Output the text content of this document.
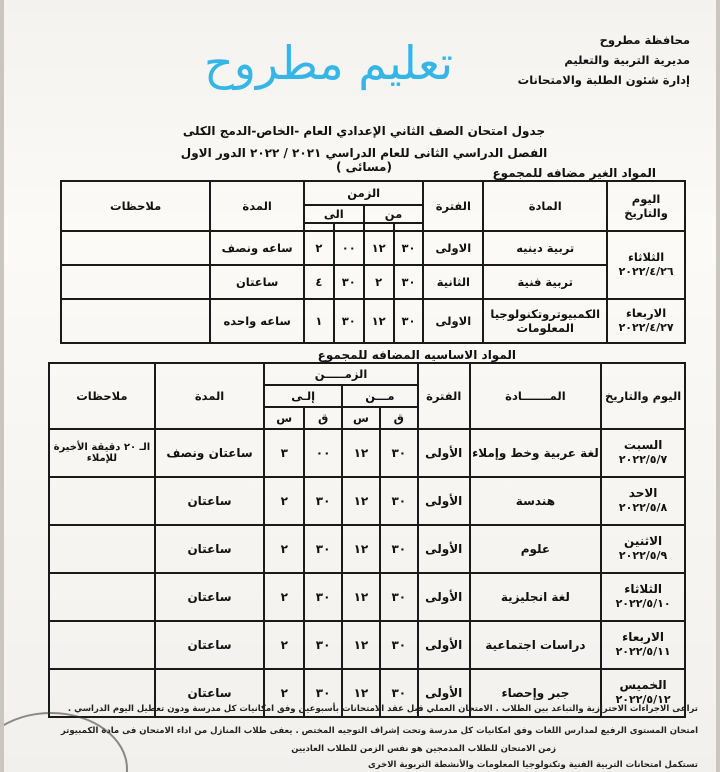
محافظة مطروح
مديرية التربية والتعليم
إدارة شئون الطلبة والامتحانات
تعليم مطروح
جدول امتحان الصف الثاني الإعدادي العام -الخاص-الدمج الكلى
الفصل الدراسي الثانى للعام الدراسي ٢٠٢١ / ٢٠٢٢ الدور الاول (مسائى )	المواد الغير مضافه للمجموع
اليوم والتاريخ	المادة	الفترة	الزمن				المدة	ملاحظات
			من		الى			

الثلاثاء
٢٠٢٢/٤/٢٦	تربية دينيه	الاولى	٣٠	١٢	٠٠	٢	ساعه ونصف	
	تربية فنية	الثانية	٣٠	٢	٣٠	٤	ساعتان	

الاربعاء
٢٠٢٢/٤/٢٧	الكمبيوتروتكنولوجيا المعلومات	الاولى	٣٠	١٢	٣٠	١	ساعه واحده	
المواد الاساسيه المضافه للمجموع
اليوم والتاريخ	المـــــــادة	الفترة	الزمـــــن				المدة	ملاحظات
			مـــن		إلـى			
			ق	س	ق	س		

السبت
٢٠٢٢/٥/٧	لغة عربية وخط وإملاء	الأولى	٣٠	١٢	٠٠	٣	ساعتان ونصف	الـ ٢٠ دقيقة الأخيرة للإملاء

الاحد
٢٠٢٢/٥/٨	هندسة	الأولى	٣٠	١٢	٣٠	٢	ساعتان	

الاثنين
٢٠٢٢/٥/٩	علوم	الأولى	٣٠	١٢	٣٠	٢	ساعتان	

الثلاثاء
٢٠٢٢/٥/١٠	لغة انجليزية	الأولى	٣٠	١٢	٣٠	٢	ساعتان	

الاربعاء
٢٠٢٢/٥/١١	دراسات اجتماعية	الأولى	٣٠	١٢	٣٠	٢	ساعتان	

الخميس
٢٠٢٢/٥/١٢	جبر وإحصاء	الأولى	٣٠	١٢	٣٠	٢	ساعتان	
تراعى الاجراءات الاحترازية والتباعد بين الطلاب . الامتحان العملي قبل عقد الامتحانات بأسبوعين وفق امكانيات كل مدرسة ودون تعطيل اليوم الدراسي .
امتحان المستوى الرفيع لمدارس اللغات وفق امكانيات كل مدرسة وتحت إشراف التوجيه المختص . يعفى طلاب المنازل من اداء الامتحان فى مادة الكمبيوتر
زمن الامتحان للطلاب المدمجين هو نفس الزمن للطلاب العاديين
تستكمل امتحانات التربية الفنية وتكنولوجيا المعلومات والأنشطة التربوية الاخرى
